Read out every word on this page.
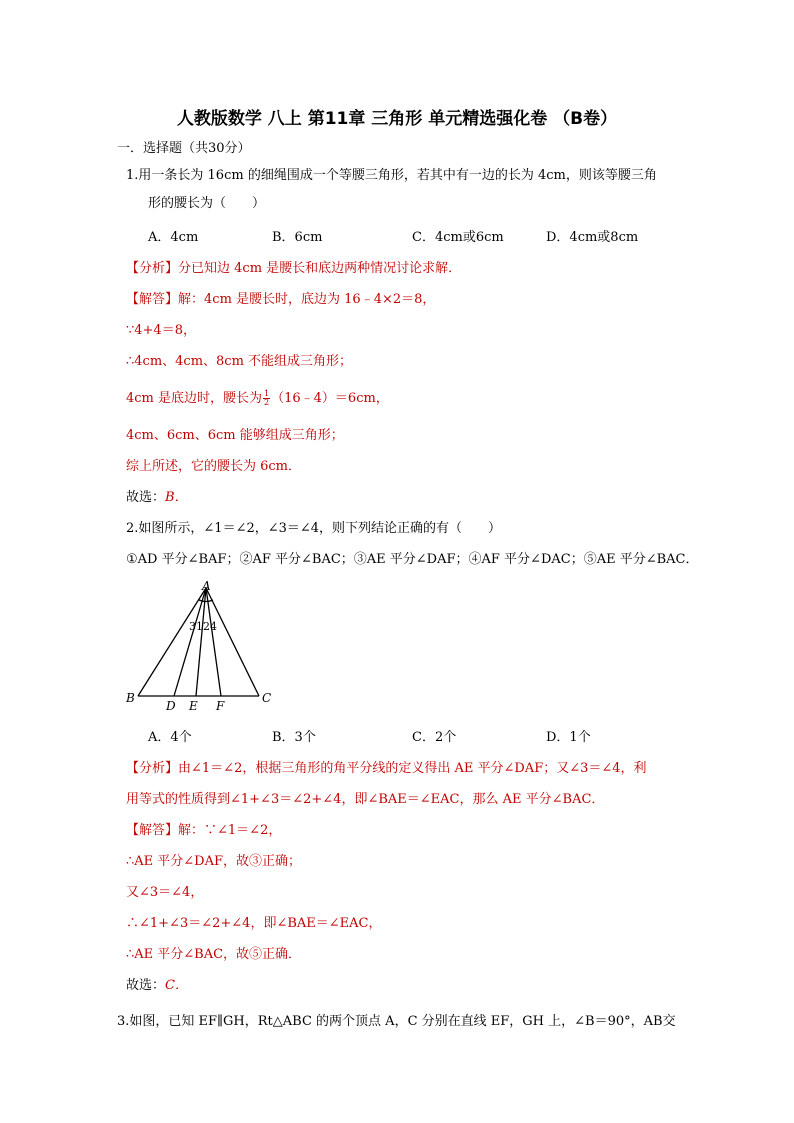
人教版数学 八上 第11章 三角形 单元精选强化卷 （B卷）
一．选择题（共30分）
1.用一条长为 16cm 的细绳围成一个等腰三角形，若其中有一边的长为 4cm，则该等腰三角
形的腰长为（　　）
A．4cm	B．6cm	C．4cm或6cm	D．4cm或8cm
【分析】分已知边 4cm 是腰长和底边两种情况讨论求解．
【解答】解：4cm 是腰长时，底边为 16﹣4×2＝8，
∵4+4＝8，
∴4cm、4cm、8cm 不能组成三角形；
4cm 是底边时，腰长为 $\frac{1}{2}$ （16﹣4）＝6cm，
4cm、6cm、6cm 能够组成三角形；
综上所述，它的腰长为 6cm．
故选：B．
2.如图所示，∠1＝∠2，∠3＝∠4，则下列结论正确的有（　　）
①AD 平分∠BAF；②AF 平分∠BAC；③AE 平分∠DAF；④AF 平分∠DAC；⑤AE 平分∠BAC．
A
B	C
D E F
3124
A．4个	B．3个	C．2个	D．1个
【分析】由∠1＝∠2，根据三角形的角平分线的定义得出 AE 平分∠DAF；又∠3＝∠4，利
用等式的性质得到∠1+∠3＝∠2+∠4，即∠BAE＝∠EAC，那么 AE 平分∠BAC．
【解答】解：∵∠1＝∠2，
∴AE 平分∠DAF，故③正确；
又∠3＝∠4，
∴∠1+∠3＝∠2+∠4，即∠BAE＝∠EAC，
∴AE 平分∠BAC，故⑤正确．
故选：C．
3.如图，已知 EF∥GH，Rt△ABC 的两个顶点 A，C 分别在直线 EF，GH 上，∠B＝90°，AB交
